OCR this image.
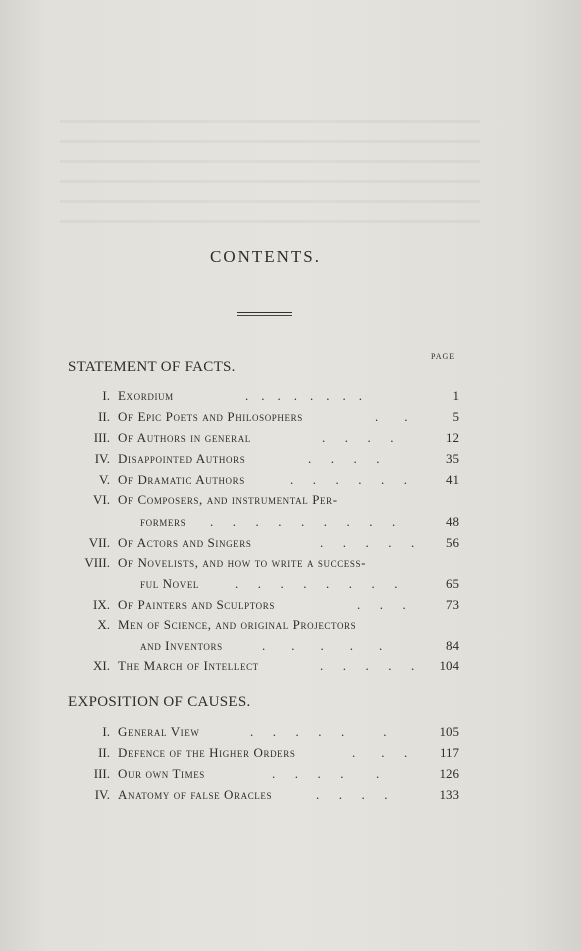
CONTENTS.
PAGE
STATEMENT OF FACTS.
I. Exordium	.    .    .    .    .    .    .    .	1
II. Of Epic Poets and Philosophers	.        .	5
III. Of Authors in general	.      .      .      .	12
IV. Disappointed Authors	.      .      .      .	35
V. Of Dramatic Authors	.      .      .      .      .      .	41
VI. Of Composers, and instrumental Per-
formers .      .      .      .      .      .      .      .      .	48
VII. Of Actors and Singers	.      .      .      .      . 56
VIII. Of Novelists, and how to write a success-
ful Novel	.      .      .      .      .      .      .      .	65
IX. Of Painters and Sculptors	.      .      .	73
X. Men of Science, and original Projectors
and Inventors	.        .        .        .        .	84
XI. The March of Intellect	.      .      .      .      . 104
EXPOSITION OF CAUSES.
I. General View	.      .      .      .      .            .	105
II. Defence of the Higher Orders	.        .      .	117
III. Our own Times	.      .      .      .          .	126
IV. Anatomy of false Oracles	.      .      .      .	133
